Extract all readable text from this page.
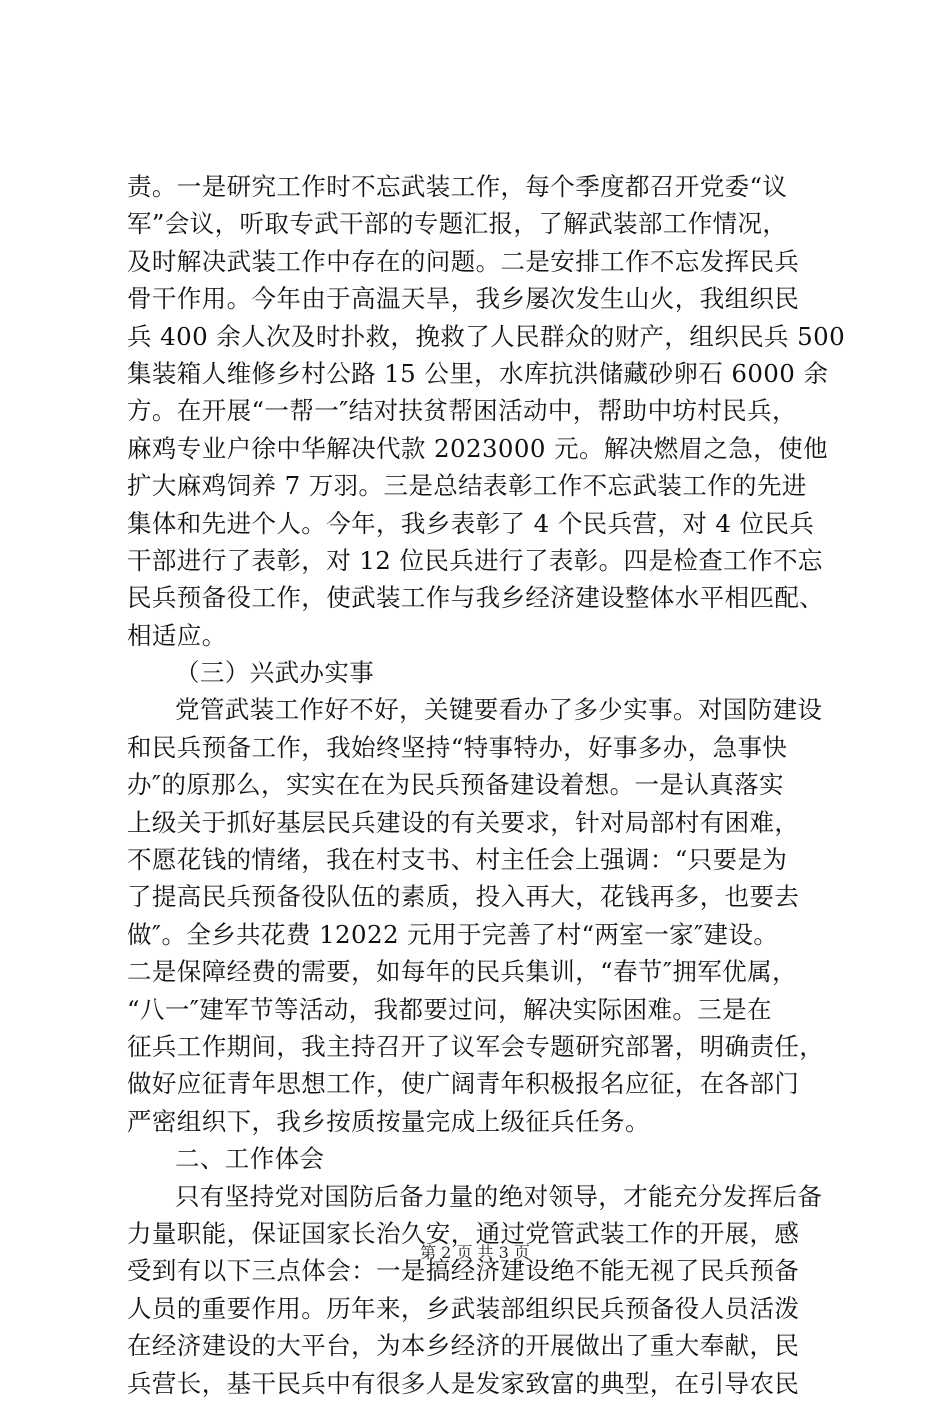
责。一是研究工作时不忘武装工作，每个季度都召开党委“议
军”会议，听取专武干部的专题汇报，了解武装部工作情况，
及时解决武装工作中存在的问题。二是安排工作不忘发挥民兵
骨干作用。今年由于高温天旱，我乡屡次发生山火，我组织民
兵 400 余人次及时扑救，挽救了人民群众的财产，组织民兵 500
集装箱人维修乡村公路 15 公里，水库抗洪储藏砂卵石 6000 余
方。在开展“一帮一″结对扶贫帮困活动中，帮助中坊村民兵，
麻鸡专业户徐中华解决代款 2023000 元。解决燃眉之急，使他
扩大麻鸡饲养 7 万羽。三是总结表彰工作不忘武装工作的先进
集体和先进个人。今年，我乡表彰了 4 个民兵营，对 4 位民兵
干部进行了表彰，对 12 位民兵进行了表彰。四是检查工作不忘
民兵预备役工作，使武装工作与我乡经济建设整体水平相匹配、
相适应。
（三）兴武办实事
党管武装工作好不好，关键要看办了多少实事。对国防建设
和民兵预备工作，我始终坚持“特事特办，好事多办，急事快
办″的原那么，实实在在为民兵预备建设着想。一是认真落实
上级关于抓好基层民兵建设的有关要求，针对局部村有困难，
不愿花钱的情绪，我在村支书、村主任会上强调：“只要是为
了提高民兵预备役队伍的素质，投入再大，花钱再多，也要去
做″。全乡共花费 12022 元用于完善了村“两室一家″建设。
二是保障经费的需要，如每年的民兵集训，“春节″拥军优属，
“八一″建军节等活动，我都要过问，解决实际困难。三是在
征兵工作期间，我主持召开了议军会专题研究部署，明确责任，
做好应征青年思想工作，使广阔青年积极报名应征，在各部门
严密组织下，我乡按质按量完成上级征兵任务。
二、工作体会
只有坚持党对国防后备力量的绝对领导，才能充分发挥后备
力量职能，保证国家长治久安，通过党管武装工作的开展，感
受到有以下三点体会：一是搞经济建设绝不能无视了民兵预备
人员的重要作用。历年来，乡武装部组织民兵预备役人员活泼
在经济建设的大平台，为本乡经济的开展做出了重大奉献，民
兵营长，基干民兵中有很多人是发家致富的典型，在引导农民
第 2 页 共 3 页
